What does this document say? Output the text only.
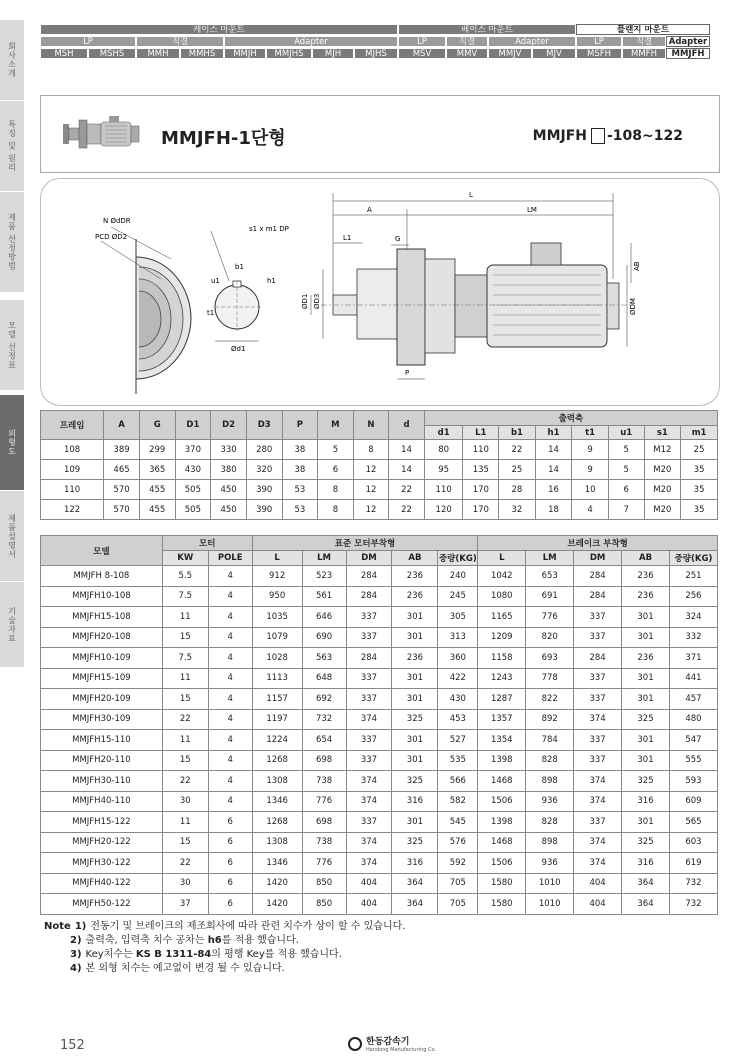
회사소개
특징 및 원리
제품 선정방법
모델 선정표
외형도
제품설명서
기술자료
케이스 마운트	베이스 마운트	플랜지 마운트
LP	직결	Adapter	LP	직결	Adapter	LP	직결	Adapter
MSH	MSHS	MMH	MMHS	MMJH	MMJHS	MJH	MJHS	MSV	MMV	MMJV	MJV	MSFH	MMFH	MMJFH
MMJFH-1단형	MMJFH -108~122
N ØdDR
PCD ØD2
s1 x m1 DP
b1
h1
u1
t1
Ød1
L
A	LM
L1	G
ØD1 ØD3
P
AB
ØDM
프레임	A	G	D1	D2	D3	P	M	N	d	출력축							
										d1	L1	b1	h1	t1	u1	s1	m1
108	389	299	370	330	280	38	5	8	14	80	110	22	14	9	5	M12	25
109	465	365	430	380	320	38	6	12	14	95	135	25	14	9	5	M20	35
110	570	455	505	450	390	53	8	12	22	110	170	28	16	10	6	M20	35
122	570	455	505	450	390	53	8	12	22	120	170	32	18	4	7	M20	35
모델	모터		표준 모터부착형					브레이크 부착형				
	KW	POLE	L	LM	DM	AB	중량(KG)	L	LM	DM	AB	중량(KG)
MMJFH 8-108	5.5	4	912	523	284	236	240	1042	653	284	236	251
MMJFH10-108	7.5	4	950	561	284	236	245	1080	691	284	236	256
MMJFH15-108	11	4	1035	646	337	301	305	1165	776	337	301	324
MMJFH20-108	15	4	1079	690	337	301	313	1209	820	337	301	332
MMJFH10-109	7.5	4	1028	563	284	236	360	1158	693	284	236	371
MMJFH15-109	11	4	1113	648	337	301	422	1243	778	337	301	441
MMJFH20-109	15	4	1157	692	337	301	430	1287	822	337	301	457
MMJFH30-109	22	4	1197	732	374	325	453	1357	892	374	325	480
MMJFH15-110	11	4	1224	654	337	301	527	1354	784	337	301	547
MMJFH20-110	15	4	1268	698	337	301	535	1398	828	337	301	555
MMJFH30-110	22	4	1308	738	374	325	566	1468	898	374	325	593
MMJFH40-110	30	4	1346	776	374	316	582	1506	936	374	316	609
MMJFH15-122	11	6	1268	698	337	301	545	1398	828	337	301	565
MMJFH20-122	15	6	1308	738	374	325	576	1468	898	374	325	603
MMJFH30-122	22	6	1346	776	374	316	592	1506	936	374	316	619
MMJFH40-122	30	6	1420	850	404	364	705	1580	1010	404	364	732
MMJFH50-122	37	6	1420	850	404	364	705	1580	1010	404	364	732
Note 1) 전동기 및 브레이크의 제조회사에 따라 관련 치수가 상이 할 수 있습니다.
2) 출력축, 입력축 치수 공차는 h6 를 적용 했습니다.
3) Key치수는 KS B 1311-84 의 평행 Key를 적용 했습니다.
4) 본 외형 치수는 예고없이 변경 될 수 있습니다.
152	한동감속기
Handong Manufacturing Co.
